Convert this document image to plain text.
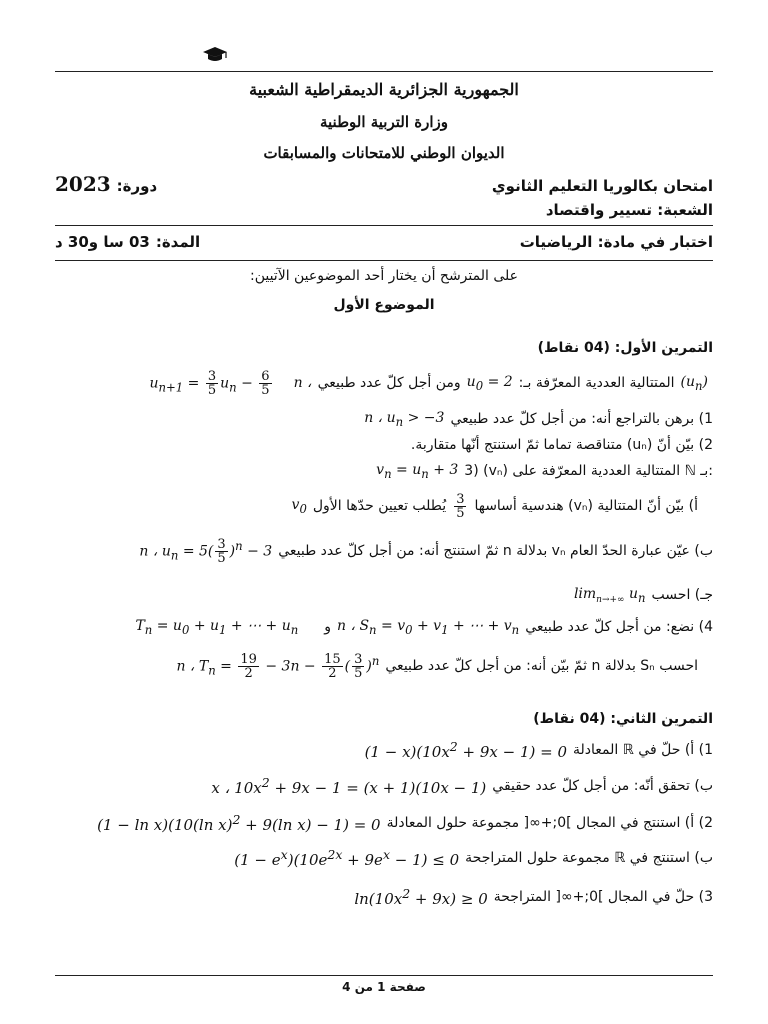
الجمهورية الجزائرية الديمقراطية الشعبية
وزارة التربية الوطنية
الديوان الوطني للامتحانات والمسابقات
دورة:
2023	امتحان بكالوريا التعليم الثانوي
الشعبة: تسيير واقتصاد
المدة:
03 سا و30 د	اختبار في مادة: الرياضيات
على المترشح أن يختار أحد الموضوعين الآتيين:
الموضوع الأول
التمرين الأول: (04 نقاط)
$(u_n)$
المتتالية العددية المعرّفة بـ:
$u_0 = 2$
ومن أجل كلّ عدد طبيعي
n ،
$u_{n+1} = \frac{3}{5} u_n - \frac{6}{5}$
1) برهن بالتراجع أنه: من أجل كلّ عدد طبيعي
n ، $u_n > -3$
2) بيّن أنّ (uₙ) متناقصة تماما ثمّ استنتج أنّها متقاربة.
3) (vₙ) المتتالية العددية المعرّفة على ℕ بـ:
$v_n = u_n + 3$
أ) بيّن أنّ المتتالية (vₙ) هندسية أساسها
$\frac{3}{5}$
يُطلب تعيين حدّها الأول
$v_0$
ب) عيّن عبارة الحدّ العام vₙ بدلالة n ثمّ استنتج أنه: من أجل كلّ عدد طبيعي
n ، $u_n = 5( \frac{3}{5} )^n - 3$
جـ) احسب
$\lim_{n\to+\infty} u_n$
4) نضع: من أجل كلّ عدد طبيعي
n ، $S_n = v_0 + v_1$ + ⋯ + $v_n$
و
$T_n = u_0 + u_1$ + ⋯ + $u_n$
احسب Sₙ بدلالة n ثمّ بيّن أنه: من أجل كلّ عدد طبيعي
n ، $T_n = \frac{19}{2} - 3n - \frac{15}{2}$ ( $\frac{3}{5} )^n$
التمرين الثاني: (04 نقاط)
1) أ) حلّ في ℝ المعادلة
$(1 - x)(10x^2 + 9x - 1) = 0$
ب) تحقق أنّه: من أجل كلّ عدد حقيقي
x ، $10x^2 + 9x - 1 = (x + 1)(10x - 1)$
2) أ) استنتج في المجال ]0;+∞[ مجموعة حلول المعادلة
(1 − ln x)(10(ln x)$^2$ + 9(ln x) − 1) = 0
ب) استنتج في ℝ مجموعة حلول المتراجحة
$(1 - e^x)(10e^{2x} + 9e^x - 1) \le 0$
3) حلّ في المجال ]0;+∞[ المتراجحة
$\ln(10x^2 + 9x) \ge 0$
صفحة 1 من 4
